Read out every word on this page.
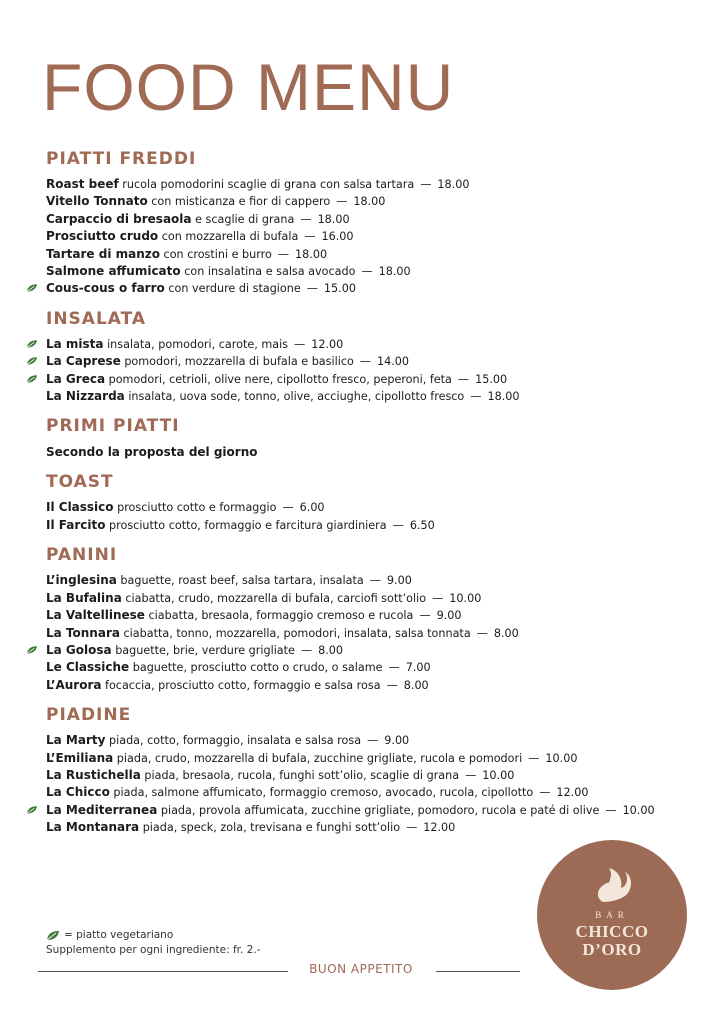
FOOD MENU
PIATTI FREDDI
Roast beef rucola pomodorini scaglie di grana con salsa tartara — 18.00
Vitello Tonnato con misticanza e fior di cappero — 18.00
Carpaccio di bresaola e scaglie di grana — 18.00
Prosciutto crudo con mozzarella di bufala — 16.00
Tartare di manzo con crostini e burro — 18.00
Salmone affumicato con insalatina e salsa avocado — 18.00
Cous-cous o farro con verdure di stagione — 15.00
INSALATA
La mista insalata, pomodori, carote, mais — 12.00
La Caprese pomodori, mozzarella di bufala e basilico — 14.00
La Greca pomodori, cetrioli, olive nere, cipollotto fresco, peperoni, feta — 15.00
La Nizzarda insalata, uova sode, tonno, olive, acciughe, cipollotto fresco — 18.00
PRIMI PIATTI
Secondo la proposta del giorno
TOAST
Il Classico prosciutto cotto e formaggio — 6.00
Il Farcito prosciutto cotto, formaggio e farcitura giardiniera — 6.50
PANINI
L’inglesina baguette, roast beef, salsa tartara, insalata — 9.00
La Bufalina ciabatta, crudo, mozzarella di bufala, carciofi sott’olio — 10.00
La Valtellinese ciabatta, bresaola, formaggio cremoso e rucola — 9.00
La Tonnara ciabatta, tonno, mozzarella, pomodori, insalata, salsa tonnata — 8.00
La Golosa baguette, brie, verdure grigliate — 8.00
Le Classiche baguette, prosciutto cotto o crudo, o salame — 7.00
L’Aurora focaccia, prosciutto cotto, formaggio e salsa rosa — 8.00
PIADINE
La Marty piada, cotto, formaggio, insalata e salsa rosa — 9.00
L’Emiliana piada, crudo, mozzarella di bufala, zucchine grigliate, rucola e pomodori — 10.00
La Rustichella piada, bresaola, rucola, funghi sott’olio, scaglie di grana — 10.00
La Chicco piada, salmone affumicato, formaggio cremoso, avocado, rucola, cipollotto — 12.00
La Mediterranea piada, provola affumicata, zucchine grigliate, pomodoro, rucola e paté di olive — 10.00
La Montanara piada, speck, zola, trevisana e funghi sott’olio — 12.00
= piatto vegetariano
Supplemento per ogni ingrediente: fr. 2.-
BUON APPETITO
BAR
CHICCO
D’ORO
